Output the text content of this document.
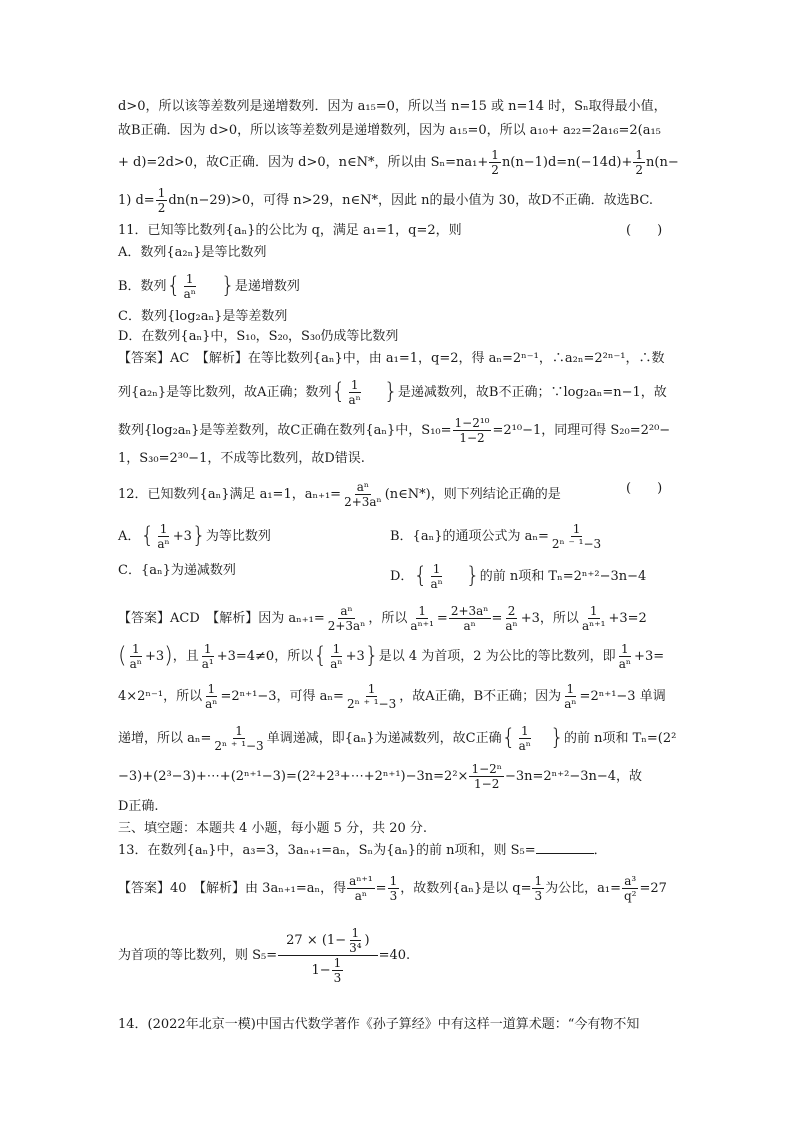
d>0，所以该等差数列是递增数列．因为 a₁₅=0，所以当 n=15 或 n=14 时，Sₙ取得最小值，
故B正确．因为 d>0，所以该等差数列是递增数列，因为 a₁₅=0，所以 a₁₀+ a₂₂=2a₁₆=2(a₁₅
+ d)=2d>0，故C正确．因为 d>0，n∈N*，所以由 $S_n=na_1+ \frac{1}{2} n(n-1)d=n(-14d)+ \frac{1}{2} n(n-$
1) $d= \frac{1}{2} dn(n-29)>0$，可得 n>29，n∈N*，因此 n的最小值为 30，故D不正确．故选BC.
11．已知等比数列{aₙ}的公比为 q，满足 a₁=1，q=2，则	(　　)
A．数列{a₂ₙ}是等比数列
B．数列{ $\frac{1}{\text{aⁿ}}$ }是递增数列
C．数列{log₂aₙ}是等差数列
D．在数列{aₙ}中，S₁₀，S₂₀，S₃₀仍成等比数列
【答案】AC　【解析】在等比数列{aₙ}中，由 a₁=1，q=2，得 aₙ=2ⁿ⁻¹，∴a₂ₙ=2²ⁿ⁻¹，∴数
列{a₂ₙ}是等比数列，故A正确；数列{ $\frac{1}{\text{aⁿ}}$ }是递减数列，故B不正确；∵log₂aₙ=n−1，故
数列{log₂aₙ}是等差数列，故C正确在数列{aₙ}中，$S_{10}= \frac{\text{1−2¹⁰}}{1-2} =2^{10}-1$，同理可得 S₂₀=2²⁰−
1，S₃₀=2³⁰−1，不成等比数列，故D错误.
12．已知数列{aₙ}满足 a₁=1，$a_{n+1}= \frac{\text{aⁿ}}{\text{2+3aⁿ}}$ (n∈N*)，则下列结论正确的是	(　　)
A．{ $\frac{1}{\text{aⁿ}} +3$}为等比数列	B．{aₙ}的通项公式为 $a_n= \frac{1}{\text{2ⁿ ⁻ ¹−3}}$
C．{aₙ}为递减数列	D．{ $\frac{1}{\text{aⁿ}}$ }的前 n项和 Tₙ=2ⁿ⁺²−3n−4
【答案】ACD　【解析】因为 $a_{n+1}= \frac{\text{aⁿ}}{\text{2+3aⁿ}}$ ，所以 $\frac{1}{\text{aⁿ⁺¹}} = \frac{\text{2+3aⁿ}}{\text{aⁿ}} = \frac{2}{\text{aⁿ}} +3$，所以 $\frac{1}{\text{aⁿ⁺¹}} +3=2$
( $\frac{1}{\text{aⁿ}} +3$)，且 $\frac{1}{\text{a¹}} +3=4\ne 0$，所以{ $\frac{1}{\text{aⁿ}} +3$}是以 4 为首项，2 为公比的等比数列，即 $\frac{1}{\text{aⁿ}} +3=$
4×2ⁿ⁻¹，所以 $\frac{1}{\text{aⁿ}} =2^{n+1}-3$，可得 $a_n= \frac{1}{\text{2ⁿ ⁺ ¹−3}}$ ，故A正确，B不正确；因为 $\frac{1}{\text{aⁿ}} =2^{n+1}-3$ 单调
递增，所以 $a_n= \frac{1}{\text{2ⁿ ⁺ ¹−3}}$ 单调递减，即{aₙ}为递减数列，故C正确{ $\frac{1}{\text{aⁿ}}$ }的前 n项和 Tₙ=(2²
−3)+(2³−3)+⋯+(2ⁿ⁺¹−3)=(2²+2³+⋯+2ⁿ⁺¹)−3n=2²× $\frac{\text{1−2ⁿ}}{1-2} -3n=2^{n+2}-3n-4$，故
D正确.
三、填空题：本题共 4 小题，每小题 5 分，共 20 分.
13．在数列{aₙ}中，a₃=3，3aₙ₊₁=aₙ，Sₙ为{aₙ}的前 n项和，则 S₅=	．
【答案】40　【解析】由 3aₙ₊₁=aₙ，得 $\frac{\text{aⁿ⁺¹}}{\text{aⁿ}} = \frac{1}{3}$ ，故数列{aₙ}是以 $q= \frac{1}{3}$ 为公比，$a_1= \frac{\text{a³}}{\text{q²}} =27$
为首项的等比数列，则 $S_5= \frac{27 \times (1- \frac{1}{\text{3⁴}} )}{1- \frac{1}{3}} =40$.
14．(2022年北京一模)中国古代数学著作《孙子算经》中有这样一道算术题：“今有物不知
